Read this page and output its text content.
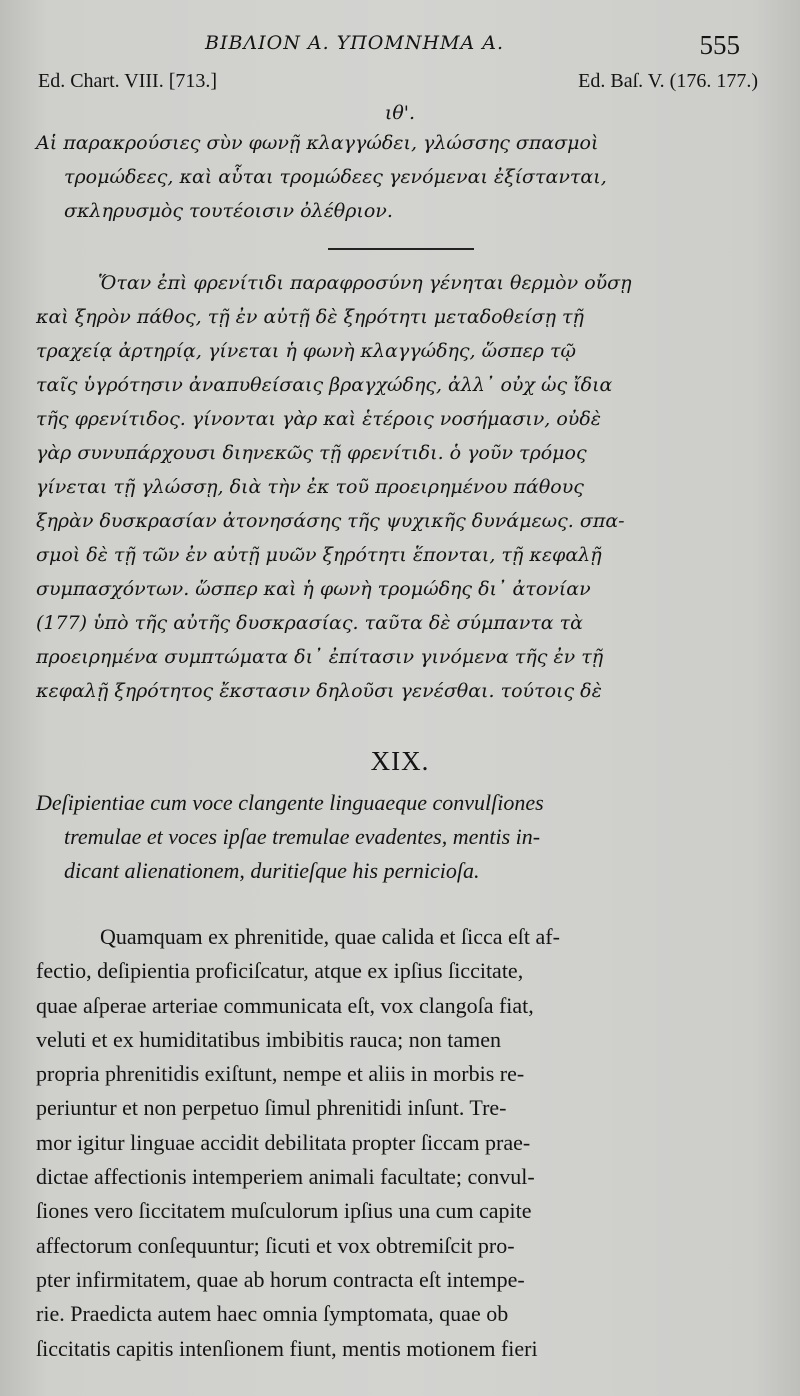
ΒΙΒΛΙΟΝ Α. ΥΠΟΜΝΗΜΑ Α.	555
Ed. Chart. VIII. [713.]	Ed. Baſ. V. (176. 177.)
ιθ'.
Αἱ παρακρούσιες σὺν φωνῇ κλαγγώδει, γλώσσης σπασμοὶ
τρομώδεες, καὶ αὗται τρομώδεες γενόμεναι ἐξίστανται,
σκληρυσμὸς τουτέοισιν ὀλέθριον.
Ὅταν ἐπὶ φρενίτιδι παραφροσύνη γένηται θερμὸν οὔσῃ
καὶ ξηρὸν πάθος, τῇ ἐν αὐτῇ δὲ ξηρότητι μεταδοθείσῃ τῇ
τραχείᾳ ἀρτηρίᾳ, γίνεται ἡ φωνὴ κλαγγώδης, ὥσπερ τῷ
ταῖς ὑγρότησιν ἀναπυθείσαις βραγχώδης, ἀλλ᾽ οὐχ ὡς ἴδια
τῆς φρενίτιδος. γίνονται γὰρ καὶ ἑτέροις νοσήμασιν, οὐδὲ
γὰρ συνυπάρχουσι διηνεκῶς τῇ φρενίτιδι. ὁ γοῦν τρόμος
γίνεται τῇ γλώσσῃ, διὰ τὴν ἐκ τοῦ προειρημένου πάθους
ξηρὰν δυσκρασίαν ἀτονησάσης τῆς ψυχικῆς δυνάμεως. σπα-
σμοὶ δὲ τῇ τῶν ἐν αὐτῇ μυῶν ξηρότητι ἕπονται, τῇ κεφαλῇ
συμπασχόντων. ὥσπερ καὶ ἡ φωνὴ τρομώδης δι᾽ ἀτονίαν
(177) ὑπὸ τῆς αὐτῆς δυσκρασίας. ταῦτα δὲ σύμπαντα τὰ
προειρημένα συμπτώματα δι᾽ ἐπίτασιν γινόμενα τῆς ἐν τῇ
κεφαλῇ ξηρότητος ἔκστασιν δηλοῦσι γενέσθαι. τούτοις δὲ
XIX.
Deſipientiae cum voce clangente linguaeque convulſiones
tremulae et voces ipſae tremulae evadentes, mentis in-
dicant alienationem, duritieſque his pernicioſa.
Quamquam ex phrenitide, quae calida et ſicca eſt af-
fectio, deſipientia proficiſcatur, atque ex ipſius ſiccitate,
quae aſperae arteriae communicata eſt, vox clangoſa fiat,
veluti et ex humiditatibus imbibitis rauca; non tamen
propria phrenitidis exiſtunt, nempe et aliis in morbis re-
periuntur et non perpetuo ſimul phrenitidi inſunt. Tre-
mor igitur linguae accidit debilitata propter ſiccam prae-
dictae affectionis intemperiem animali facultate; convul-
ſiones vero ſiccitatem muſculorum ipſius una cum capite
affectorum conſequuntur; ſicuti et vox obtremiſcit pro-
pter infirmitatem, quae ab horum contracta eſt intempe-
rie. Praedicta autem haec omnia ſymptomata, quae ob
ſiccitatis capitis intenſionem fiunt, mentis motionem fieri
